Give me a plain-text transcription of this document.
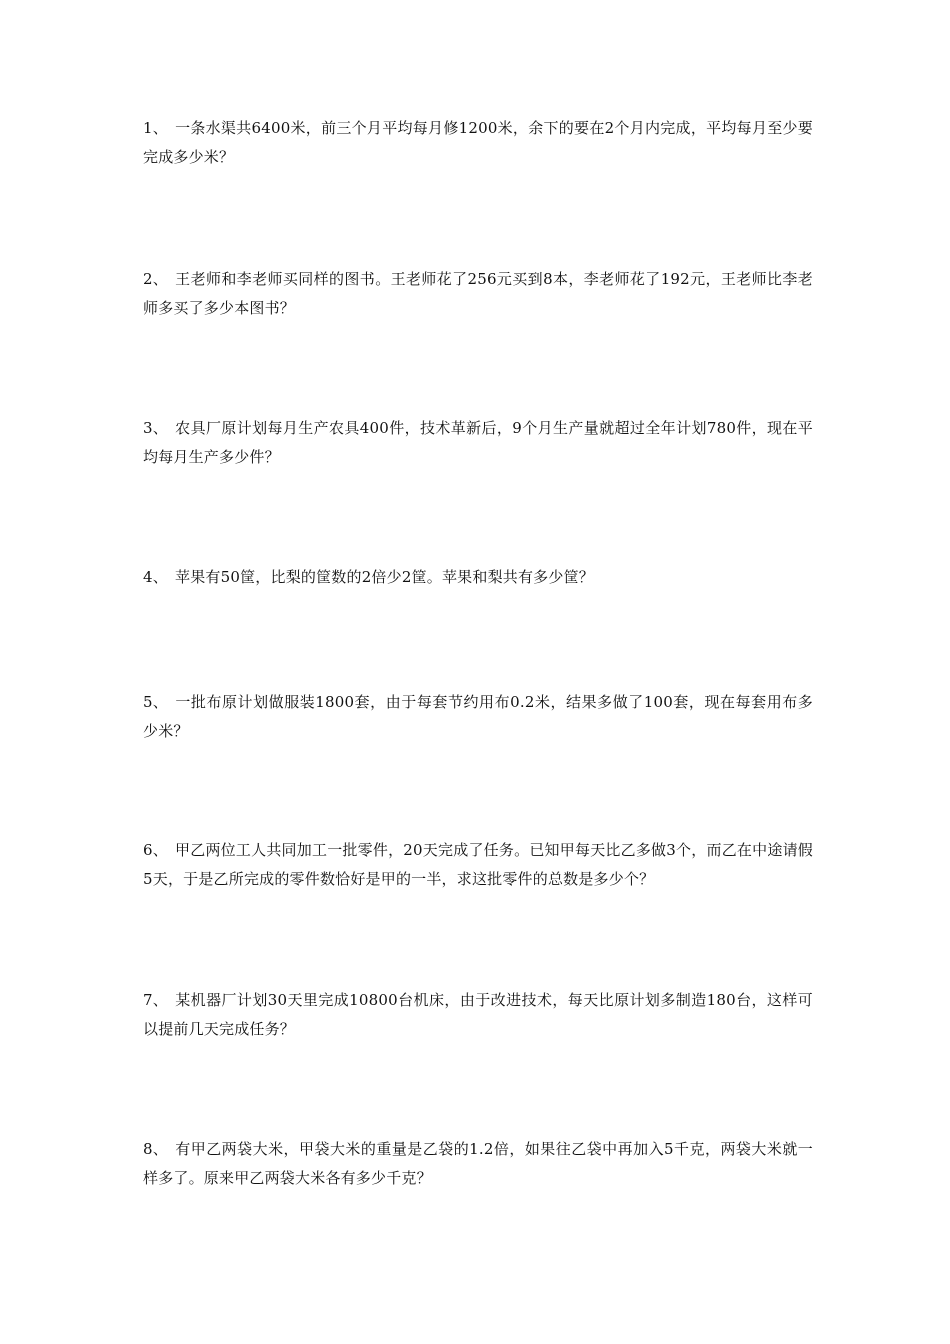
1、 一条水渠共6400米，前三个月平均每月修1200米，余下的要在2个月内完成，平均每月至少要完成多少米？
2、 王老师和李老师买同样的图书。王老师花了256元买到8本，李老师花了192元，王老师比李老师多买了多少本图书？
3、 农具厂原计划每月生产农具400件，技术革新后，9个月生产量就超过全年计划780件，现在平均每月生产多少件？
4、 苹果有50筐，比梨的筐数的2倍少2筐。苹果和梨共有多少筐？
5、 一批布原计划做服装1800套，由于每套节约用布0.2米，结果多做了100套，现在每套用布多少米？
6、 甲乙两位工人共同加工一批零件，20天完成了任务。已知甲每天比乙多做3个，而乙在中途请假5天，于是乙所完成的零件数恰好是甲的一半，求这批零件的总数是多少个？
7、 某机器厂计划30天里完成10800台机床，由于改进技术，每天比原计划多制造180台，这样可以提前几天完成任务？
8、 有甲乙两袋大米，甲袋大米的重量是乙袋的1.2倍，如果往乙袋中再加入5千克，两袋大米就一样多了。原来甲乙两袋大米各有多少千克？
